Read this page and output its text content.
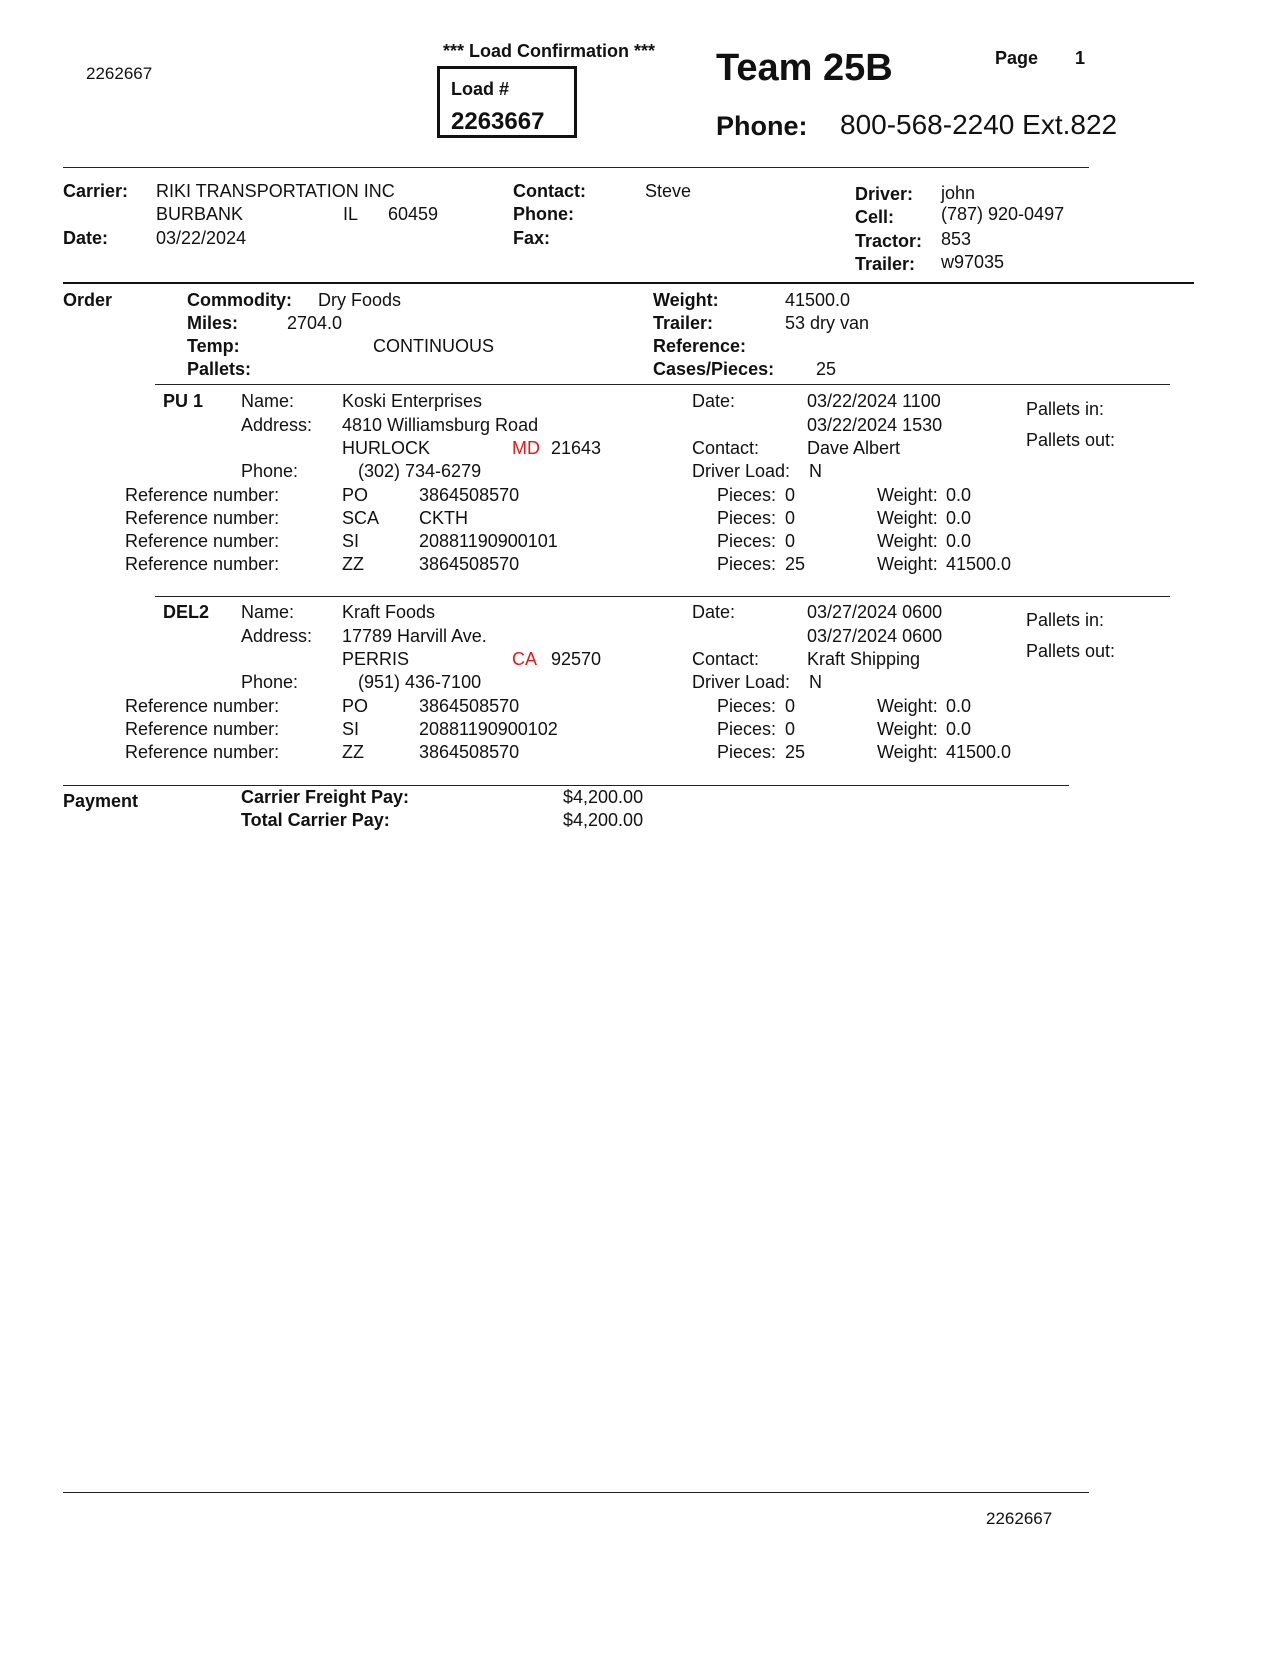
2262667
*** Load Confirmation ***
Load #
2263667
Team 25B	Page 1
Phone: 800-568-2240 Ext.822
Carrier: RIKI TRANSPORTATION INC
BURBANK	IL 60459
Date:	03/22/2024
Contact:	Steve
Phone:
Fax:
Driver: john
Cell:	(787) 920-0497
Tractor: 853
Trailer: w97035
Order	Commodity: Dry Foods
Miles:	2704.0
Temp:	CONTINUOUS
Pallets:
Weight:	41500.0
Trailer:	53 dry van
Reference:
Cases/Pieces: 25
PU 1 Name:	Koski Enterprises
Address: 4810 Williamsburg Road
HURLOCK	MD 21643
Phone:	(302) 734-6279
Date:	03/22/2024 1100
03/22/2024 1530
Contact:	Dave Albert
Driver Load: N
Pallets in:
Pallets out:
Reference number:	PO	3864508570	Pieces: 0	Weight: 0.0
Reference number:	SCA CKTH	Pieces: 0	Weight: 0.0
Reference number:	SI	20881190900101	Pieces: 0	Weight: 0.0
Reference number:	ZZ	3864508570	Pieces: 25	Weight: 41500.0
DEL2 Name:	Kraft Foods
Address: 17789 Harvill Ave.
PERRIS	CA 92570
Phone:	(951) 436-7100
Date:	03/27/2024 0600
03/27/2024 0600
Contact:	Kraft Shipping
Driver Load: N
Pallets in:
Pallets out:
Reference number:	PO	3864508570	Pieces: 0	Weight: 0.0
Reference number:	SI	20881190900102	Pieces: 0	Weight: 0.0
Reference number:	ZZ	3864508570	Pieces: 25	Weight: 41500.0
Payment	Carrier Freight Pay:	$4,200.00
Total Carrier Pay:	$4,200.00
2262667
